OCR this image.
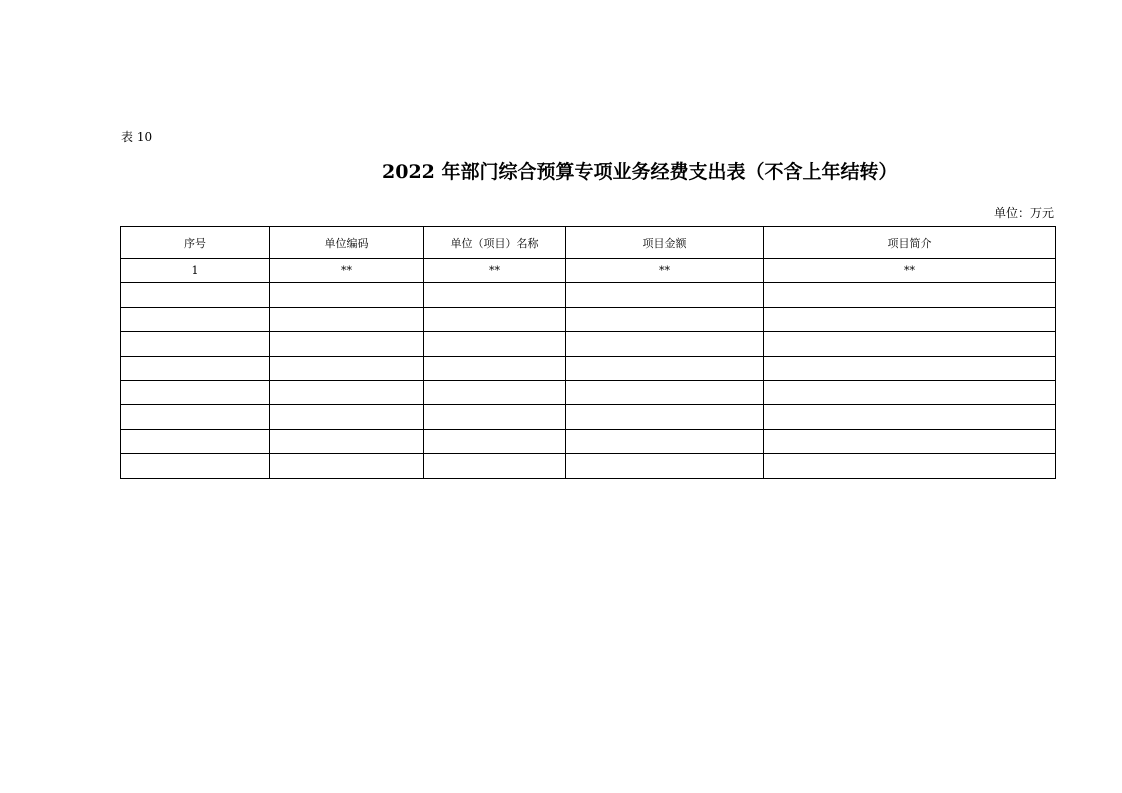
表 10
2022 年部门综合预算专项业务经费支出表（不含上年结转）
单位：万元
序号	单位编码	单位（项目）名称	项目金额	项目简介
1	**	**	**	**
